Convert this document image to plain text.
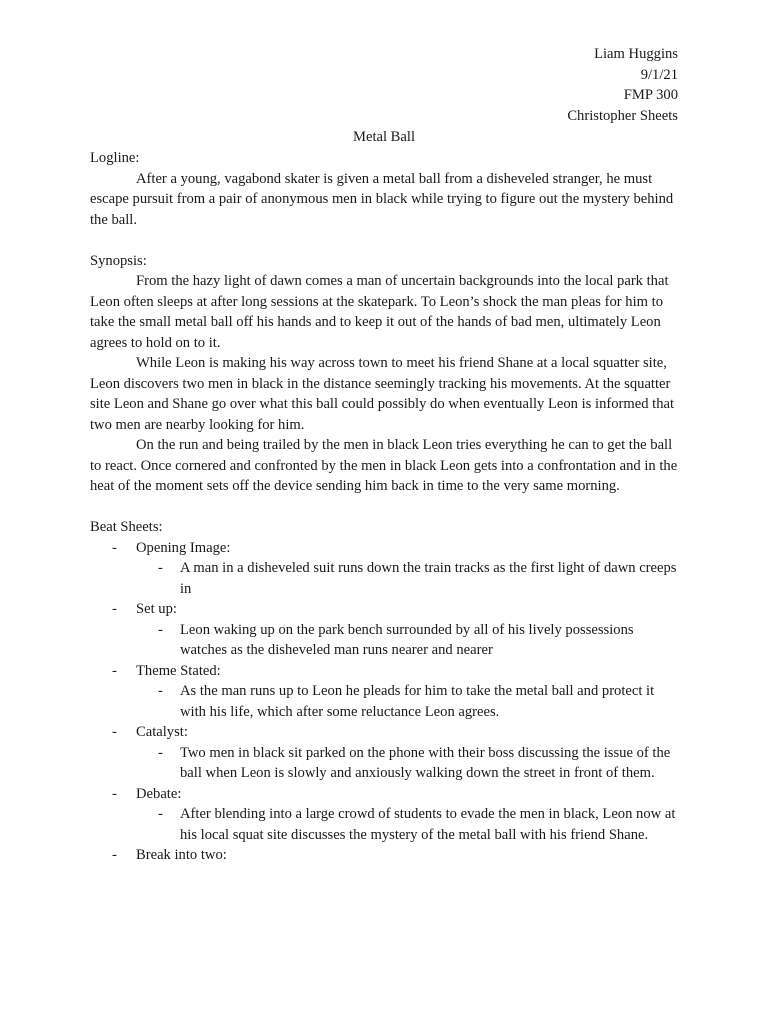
Liam Huggins
9/1/21
FMP 300
Christopher Sheets
Metal Ball

Logline:

After a young, vagabond skater is given a metal ball from a disheveled stranger, he must escape pursuit from a pair of anonymous men in black while trying to figure out the mystery behind the ball.

Synopsis:

From the hazy light of dawn comes a man of uncertain backgrounds into the local park that Leon often sleeps at after long sessions at the skatepark. To Leon’s shock the man pleas for him to take the small metal ball off his hands and to keep it out of the hands of bad men, ultimately Leon agrees to hold on to it.

While Leon is making his way across town to meet his friend Shane at a local squatter site, Leon discovers two men in black in the distance seemingly tracking his movements. At the squatter site Leon and Shane go over what this ball could possibly do when eventually Leon is informed that two men are nearby looking for him.

On the run and being trailed by the men in black Leon tries everything he can to get the ball to react. Once cornered and confronted by the men in black Leon gets into a confrontation and in the heat of the moment sets off the device sending him back in time to the very same morning.

Beat Sheets:

- Opening Image:
- A man in a disheveled suit runs down the train tracks as the first light of dawn creeps in
- Set up:
- Leon waking up on the park bench surrounded by all of his lively possessions watches as the disheveled man runs nearer and nearer
- Theme Stated:
- As the man runs up to Leon he pleads for him to take the metal ball and protect it with his life, which after some reluctance Leon agrees.
- Catalyst:
- Two men in black sit parked on the phone with their boss discussing the issue of the ball when Leon is slowly and anxiously walking down the street in front of them.
- Debate:
- After blending into a large crowd of students to evade the men in black, Leon now at his local squat site discusses the mystery of the metal ball with his friend Shane.
- Break into two:
